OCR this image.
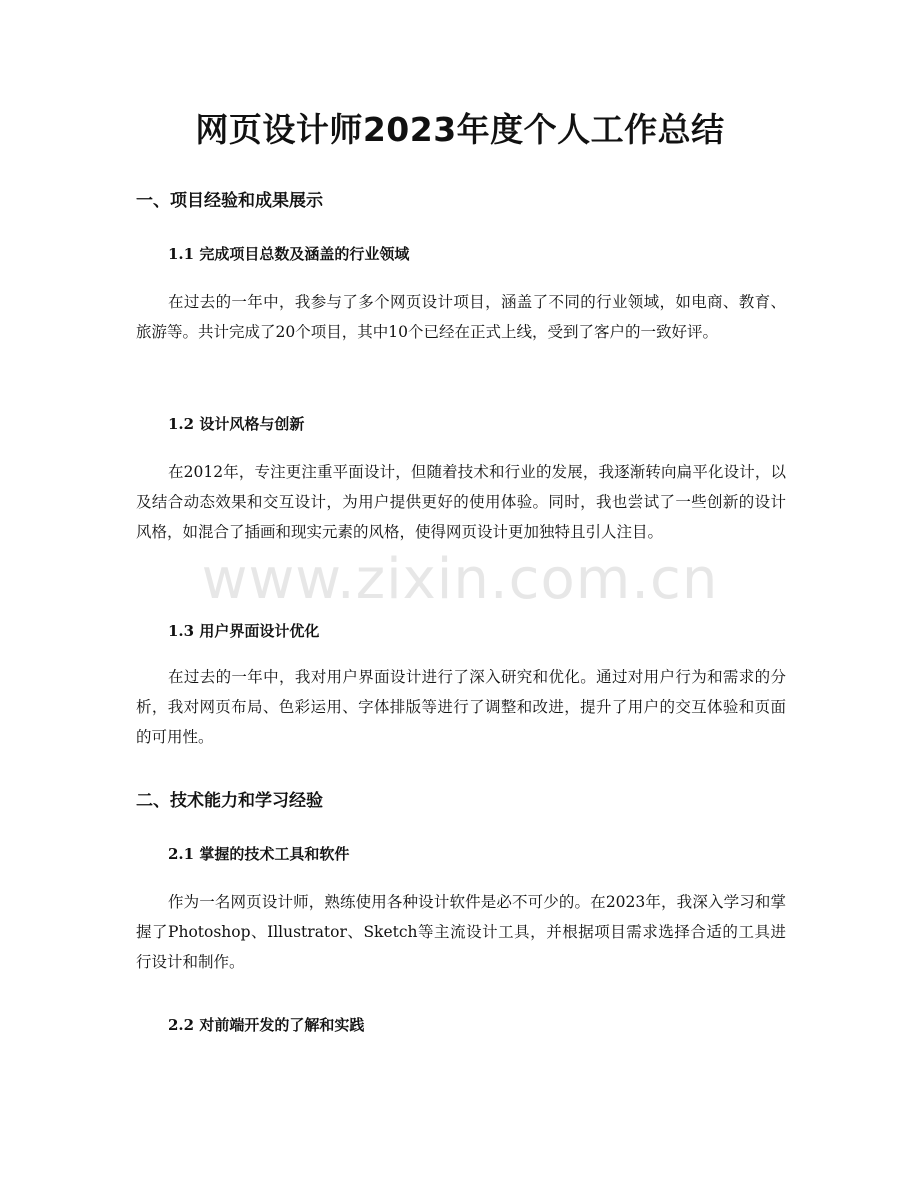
网页设计师2023年度个人工作总结
一、项目经验和成果展示
1.1 完成项目总数及涵盖的行业领域

在过去的一年中，我参与了多个网页设计项目，涵盖了不同的行业领域，如电商、教育、旅游等。共计完成了20个项目，其中10个已经在正式上线，受到了客户的一致好评。

1.2 设计风格与创新

在2012年，专注更注重平面设计，但随着技术和行业的发展，我逐渐转向扁平化设计，以及结合动态效果和交互设计，为用户提供更好的使用体验。同时，我也尝试了一些创新的设计风格，如混合了插画和现实元素的风格，使得网页设计更加独特且引人注目。

1.3 用户界面设计优化

在过去的一年中，我对用户界面设计进行了深入研究和优化。通过对用户行为和需求的分析，我对网页布局、色彩运用、字体排版等进行了调整和改进，提升了用户的交互体验和页面的可用性。

二、技术能力和学习经验
2.1 掌握的技术工具和软件

作为一名网页设计师，熟练使用各种设计软件是必不可少的。在2023年，我深入学习和掌握了Photoshop、Illustrator、Sketch等主流设计工具，并根据项目需求选择合适的工具进行设计和制作。

2.2 对前端开发的了解和实践
www.zixin.com.cn
